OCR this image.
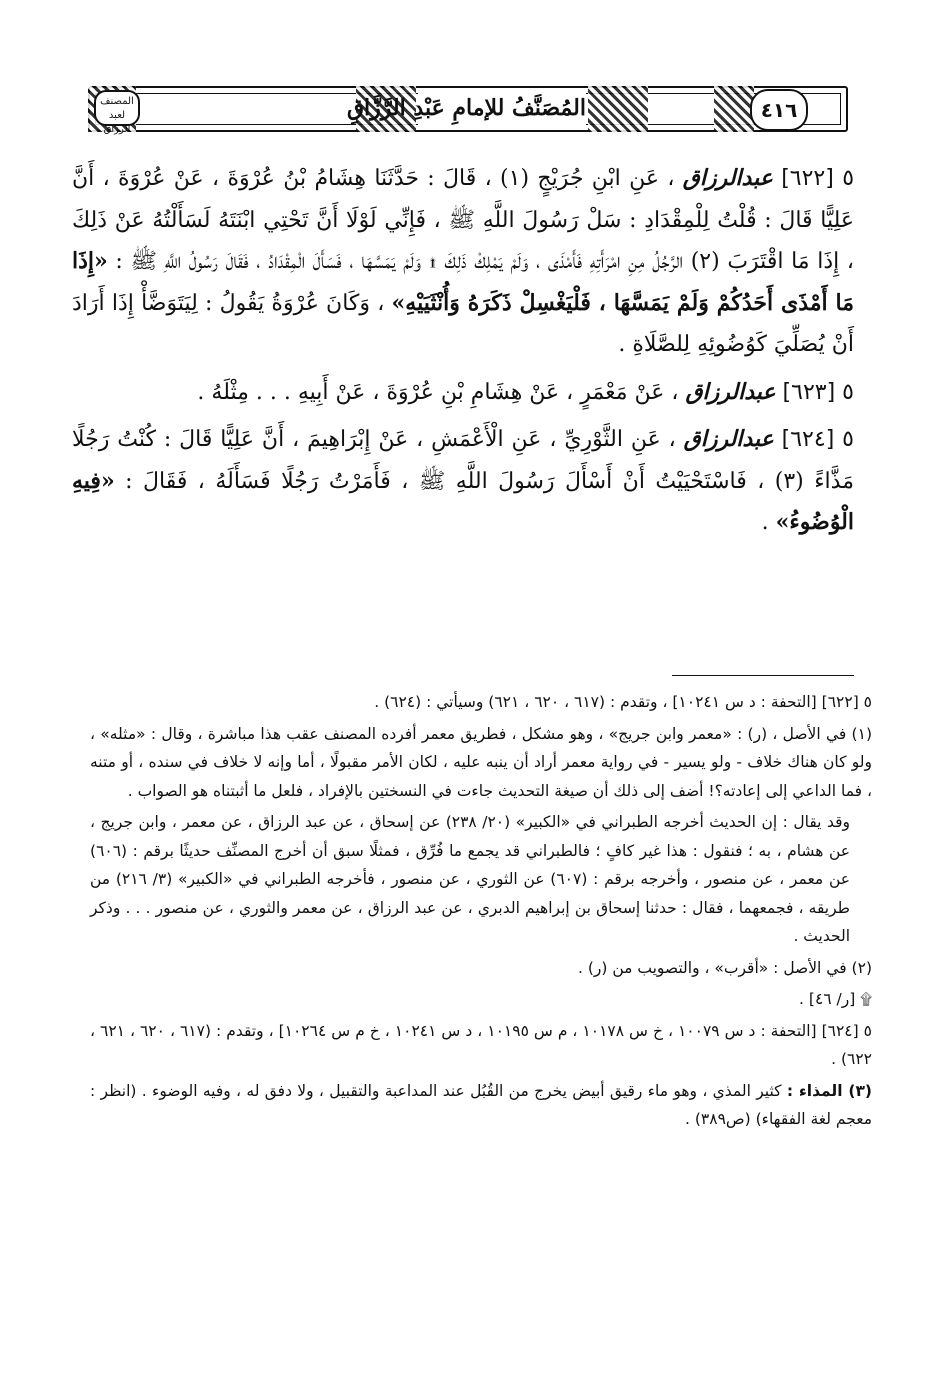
المُصَنَّفُ للإمامِ عَبْدِ الرَّزَّاقِ	٤١٦
المصنف لعبد الرزاق

٥ [٦٢٢] عبدالرزاق ، عَنِ ابْنِ جُرَيْجٍ (١) ، قَالَ : حَدَّثَنَا هِشَامُ بْنُ عُرْوَةَ ، عَنْ عُرْوَةَ ، أَنَّ عَلِيًّا قَالَ : قُلْتُ لِلْمِقْدَادِ : سَلْ رَسُولَ اللَّهِ ﷺ ، فَإِنِّي لَوْلَا أَنَّ تَحْتِي ابْنَتَهُ لَسَأَلْتُهُ عَنْ ذَلِكَ ، إِذَا مَا اقْتَرَبَ (٢) الرَّجُلُ مِنِ امْرَأَتِهِ فَأَمْذَى ، وَلَمْ يَمْلِكْ ذَلِكَ ۩ وَلَمْ يَمَسَّهَا ، فَسَأَلَ الْمِقْدَادُ ، فَقَالَ رَسُولُ اللَّهِ ﷺ : «إِذَا مَا أَمْذَى أَحَدُكُمْ وَلَمْ يَمَسَّهَا ، فَلْيَغْسِلْ ذَكَرَهُ وَأُنْثَيَيْهِ» ، وَكَانَ عُرْوَةُ يَقُولُ : لِيَتَوَضَّأْ إِذَا أَرَادَ أَنْ يُصَلِّيَ كَوُضُوئِهِ لِلصَّلَاةِ .

٥ [٦٢٣] عبدالرزاق ، عَنْ مَعْمَرٍ ، عَنْ هِشَامِ بْنِ عُرْوَةَ ، عَنْ أَبِيهِ . . . مِثْلَهُ .

٥ [٦٢٤] عبدالرزاق ، عَنِ الثَّوْرِيِّ ، عَنِ الْأَعْمَشِ ، عَنْ إِبْرَاهِيمَ ، أَنَّ عَلِيًّا قَالَ : كُنْتُ رَجُلًا مَذَّاءً (٣) ، فَاسْتَحْيَيْتُ أَنْ أَسْأَلَ رَسُولَ اللَّهِ ﷺ ، فَأَمَرْتُ رَجُلًا فَسَأَلَهُ ، فَقَالَ : «فِيهِ الْوُضُوءُ» .

٥ [٦٢٢] [التحفة : د س ١٠٢٤١] ، وتقدم : (٦١٧ ، ٦٢٠ ، ٦٢١) وسيأتي : (٦٢٤) .

(١) في الأصل ، (ر) : «معمر وابن جريج» ، وهو مشكل ، فطريق معمر أفرده المصنف عقب هذا مباشرة ، وقال : «مثله» ، ولو كان هناك خلاف - ولو يسير - في رواية معمر أراد أن ينبه عليه ، لكان الأمر مقبولًا ، أما وإنه لا خلاف في سنده ، أو متنه ، فما الداعي إلى إعادته؟! أضف إلى ذلك أن صيغة التحديث جاءت في النسختين بالإفراد ، فلعل ما أثبتناه هو الصواب .

وقد يقال : إن الحديث أخرجه الطبراني في «الكبير» (٢٠/ ٢٣٨) عن إسحاق ، عن عبد الرزاق ، عن معمر ، وابن جريج ، عن هشام ، به ؛ فنقول : هذا غير كافٍ ؛ فالطبراني قد يجمع ما فُرِّق ، فمثلًا سبق أن أخرج المصنِّف حديثًا برقم : (٦٠٦) عن معمر ، عن منصور ، وأخرجه برقم : (٦٠٧) عن الثوري ، عن منصور ، فأخرجه الطبراني في «الكبير» (٣/ ٢١٦) من طريقه ، فجمعهما ، فقال : حدثنا إسحاق بن إبراهيم الدبري ، عن عبد الرزاق ، عن معمر والثوري ، عن منصور . . . وذكر الحديث .

(٢) في الأصل : «أقرب» ، والتصويب من (ر) .

۩ [ر/ ٤٦] .

٥ [٦٢٤] [التحفة : د س ١٠٠٧٩ ، خ س ١٠١٧٨ ، م س ١٠١٩٥ ، د س ١٠٢٤١ ، خ م س ١٠٢٦٤] ، وتقدم : (٦١٧ ، ٦٢٠ ، ٦٢١ ، ٦٢٢) .

(٣) المذاء : كثير المذي ، وهو ماء رقيق أبيض يخرج من القُبُل عند المداعبة والتقبيل ، ولا دفق له ، وفيه الوضوء . (انظر : معجم لغة الفقهاء) (ص٣٨٩) .
